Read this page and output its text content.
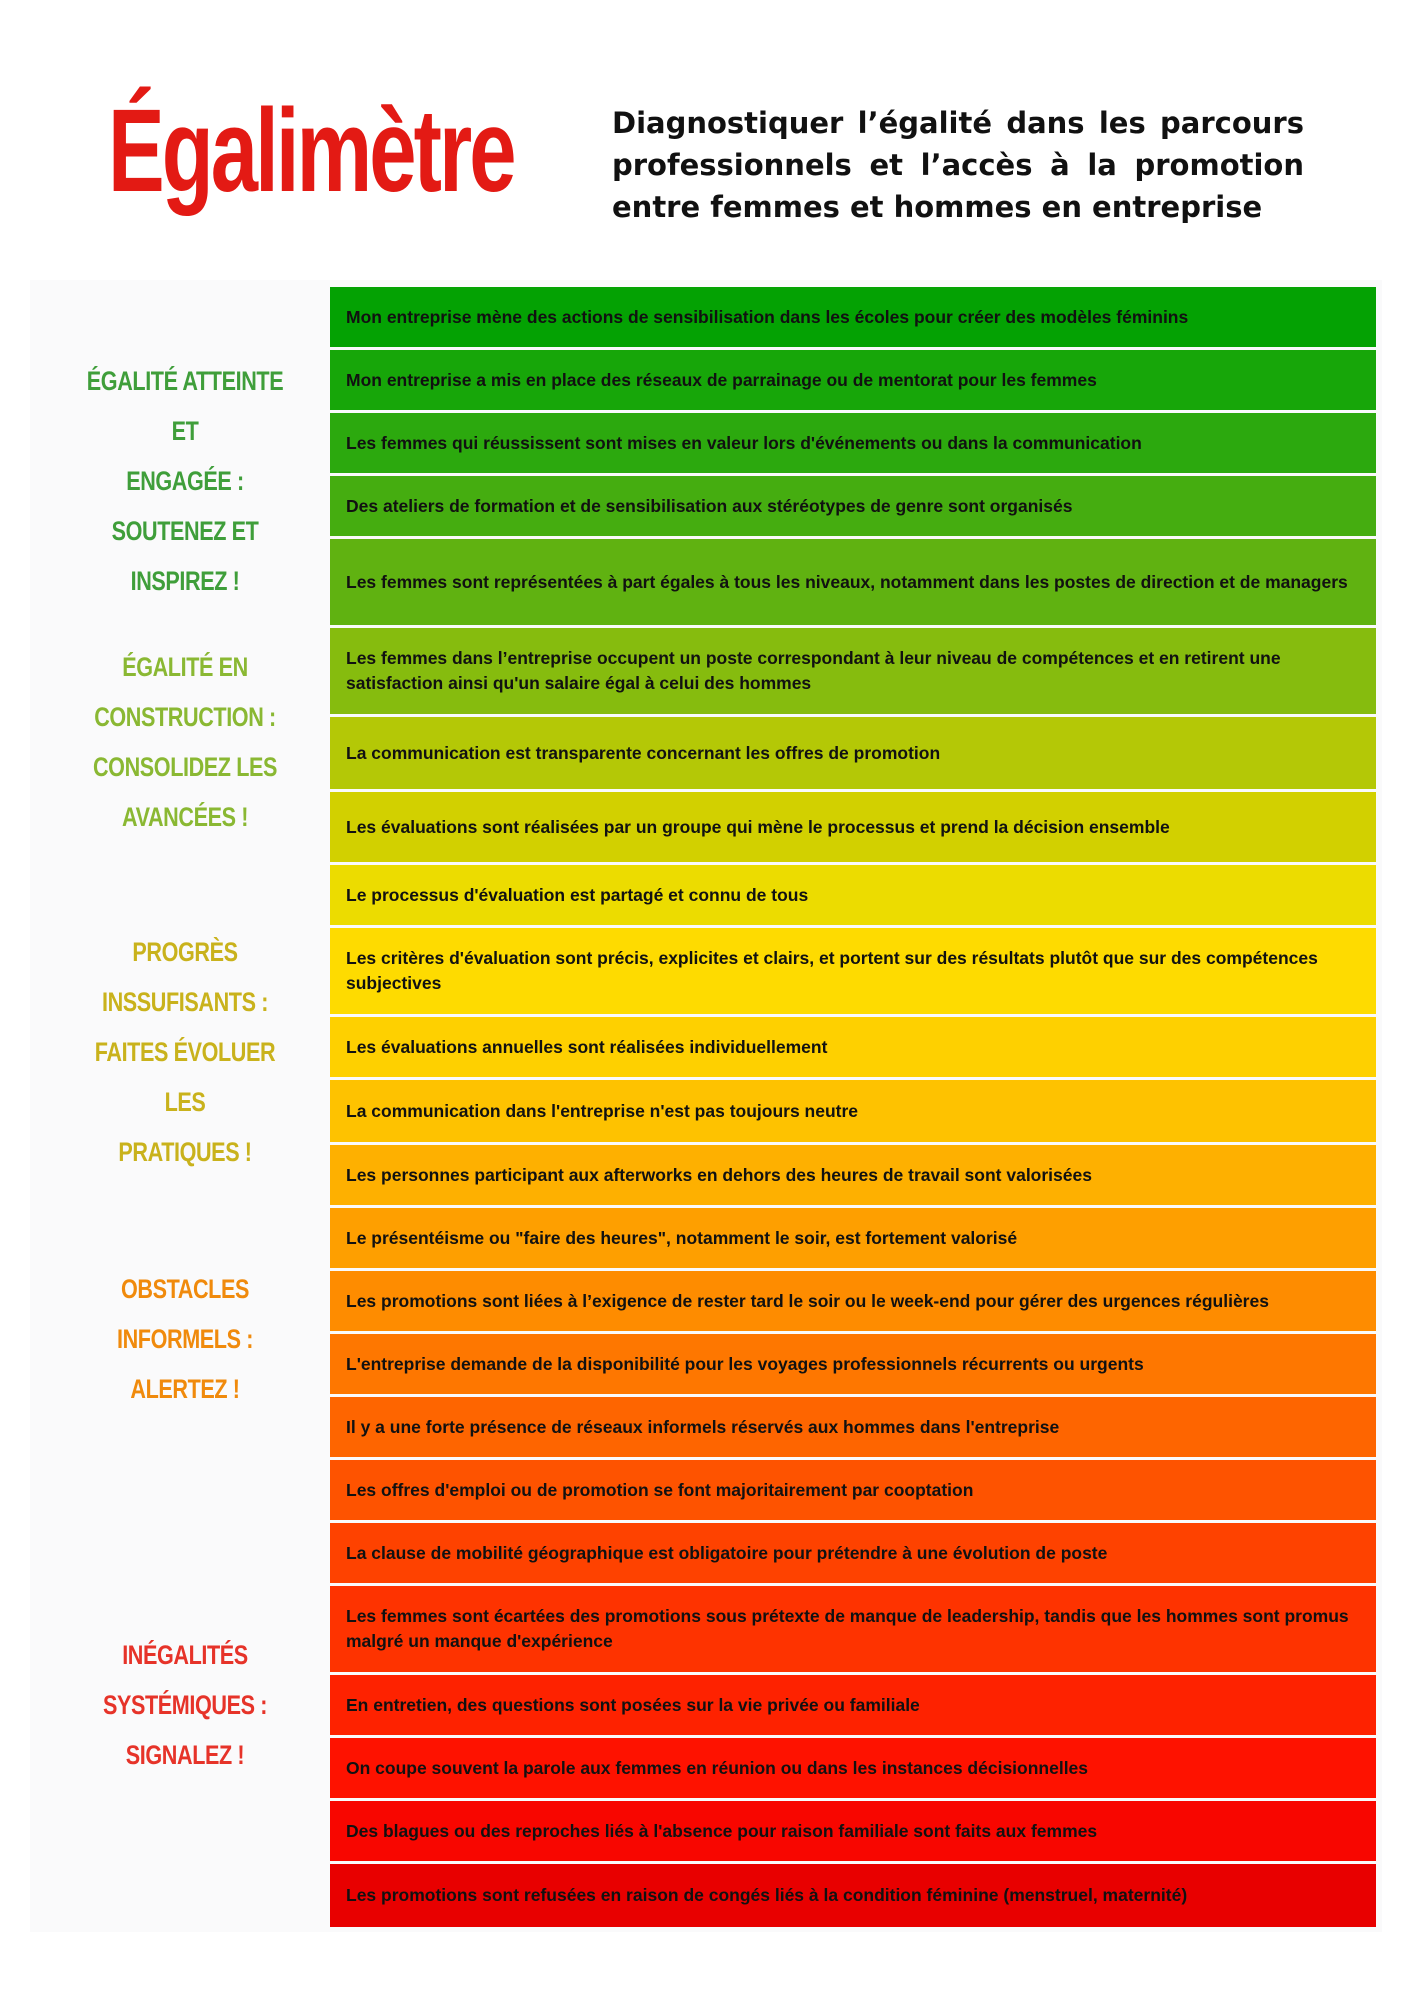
Égalimètre	Diagnostiquer l’égalité dans les parcours professionnels et l’accès à la promotion entre femmes et hommes en entreprise

ÉGALITÉ ATTEINTE ET
ENGAGÉE :
SOUTENEZ ET
INSPIREZ !
ÉGALITÉ EN
CONSTRUCTION :
CONSOLIDEZ LES
AVANCÉES !
PROGRÈS
INSSUFISANTS :
FAITES ÉVOLUER LES
PRATIQUES !
OBSTACLES
INFORMELS :
ALERTEZ !
INÉGALITÉS
SYSTÉMIQUES :
SIGNALEZ !
Mon entreprise mène des actions de sensibilisation dans les écoles pour créer des modèles féminins
Mon entreprise a mis en place des réseaux de parrainage ou de mentorat pour les femmes
Les femmes qui réussissent sont mises en valeur lors d'événements ou dans la communication
Des ateliers de formation et de sensibilisation aux stéréotypes de genre sont organisés
Les femmes sont représentées à part égales à tous les niveaux, notamment dans les postes de direction et de managers
Les femmes dans l’entreprise occupent un poste correspondant à leur niveau de compétences et en retirent une satisfaction ainsi qu'un salaire égal à celui des hommes
La communication est transparente concernant les offres de promotion
Les évaluations sont réalisées par un groupe qui mène le processus et prend la décision ensemble
Le processus d'évaluation est partagé et connu de tous
Les critères d'évaluation sont précis, explicites et clairs, et portent sur des résultats plutôt que sur des compétences subjectives
Les évaluations annuelles sont réalisées individuellement
La communication dans l'entreprise n'est pas toujours neutre
Les personnes participant aux afterworks en dehors des heures de travail sont valorisées
Le présentéisme ou "faire des heures", notamment le soir, est fortement valorisé
Les promotions sont liées à l’exigence de rester tard le soir ou le week-end pour gérer des urgences régulières
L'entreprise demande de la disponibilité pour les voyages professionnels récurrents ou urgents
Il y a une forte présence de réseaux informels réservés aux hommes dans l'entreprise
Les offres d'emploi ou de promotion se font majoritairement par cooptation
La clause de mobilité géographique est obligatoire pour prétendre à une évolution de poste
Les femmes sont écartées des promotions sous prétexte de manque de leadership, tandis que les hommes sont promus malgré un manque d'expérience
En entretien, des questions sont posées sur la vie privée ou familiale
On coupe souvent la parole aux femmes en réunion ou dans les instances décisionnelles
Des blagues ou des reproches liés à l'absence pour raison familiale sont faits aux femmes
Les promotions sont refusées en raison de congés liés à la condition féminine (menstruel, maternité)
